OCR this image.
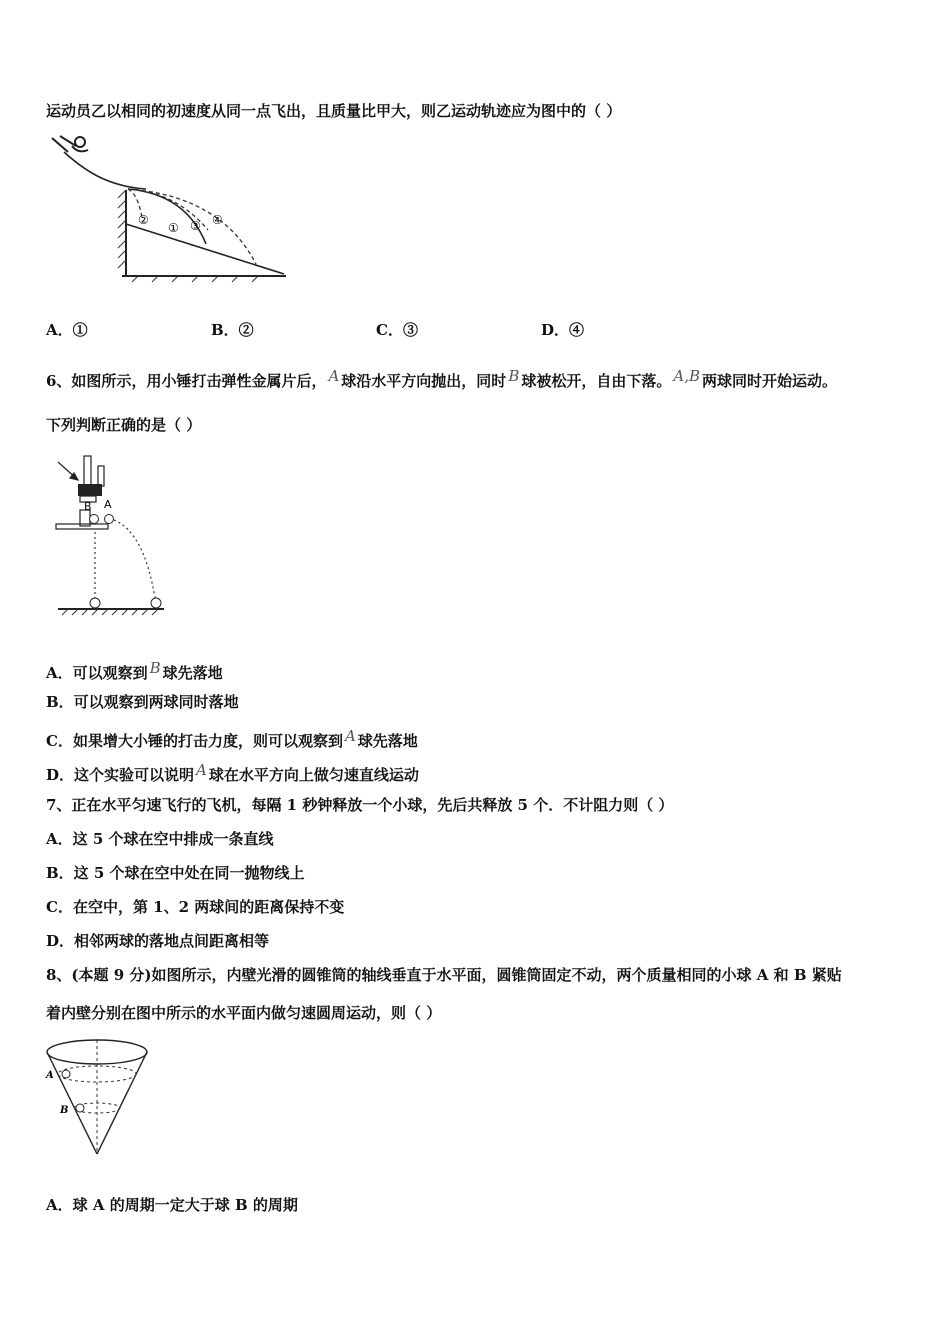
运动员乙以相同的初速度从同一点飞出，且质量比甲大，则乙运动轨迹应为图中的（ ）
②
① ③ ④
A．①	B．②	C．③	D．④
6、如图所示，用小锤打击弹性金属片后， A 球沿水平方向抛出，同时 B 球被松开，自由下落。 A,B 两球同时开始运动。
下列判断正确的是（ ）
B A
A．可以观察到 B 球先落地
B．可以观察到两球同时落地
C．如果增大小锤的打击力度，则可以观察到 A 球先落地
D．这个实验可以说明 A 球在水平方向上做匀速直线运动
7、正在水平匀速飞行的飞机，每隔 1 秒钟释放一个小球，先后共释放 5 个．不计阻力则（ ）
A．这 5 个球在空中排成一条直线
B．这 5 个球在空中处在同一抛物线上
C．在空中，第 1、2 两球间的距离保持不变
D．相邻两球的落地点间距离相等
8、(本题 9 分)如图所示，内壁光滑的圆锥筒的轴线垂直于水平面，圆锥筒固定不动，两个质量相同的小球 A 和 B 紧贴
着内壁分别在图中所示的水平面内做匀速圆周运动，则（ ）
A
B
A．球 A 的周期一定大于球 B 的周期
